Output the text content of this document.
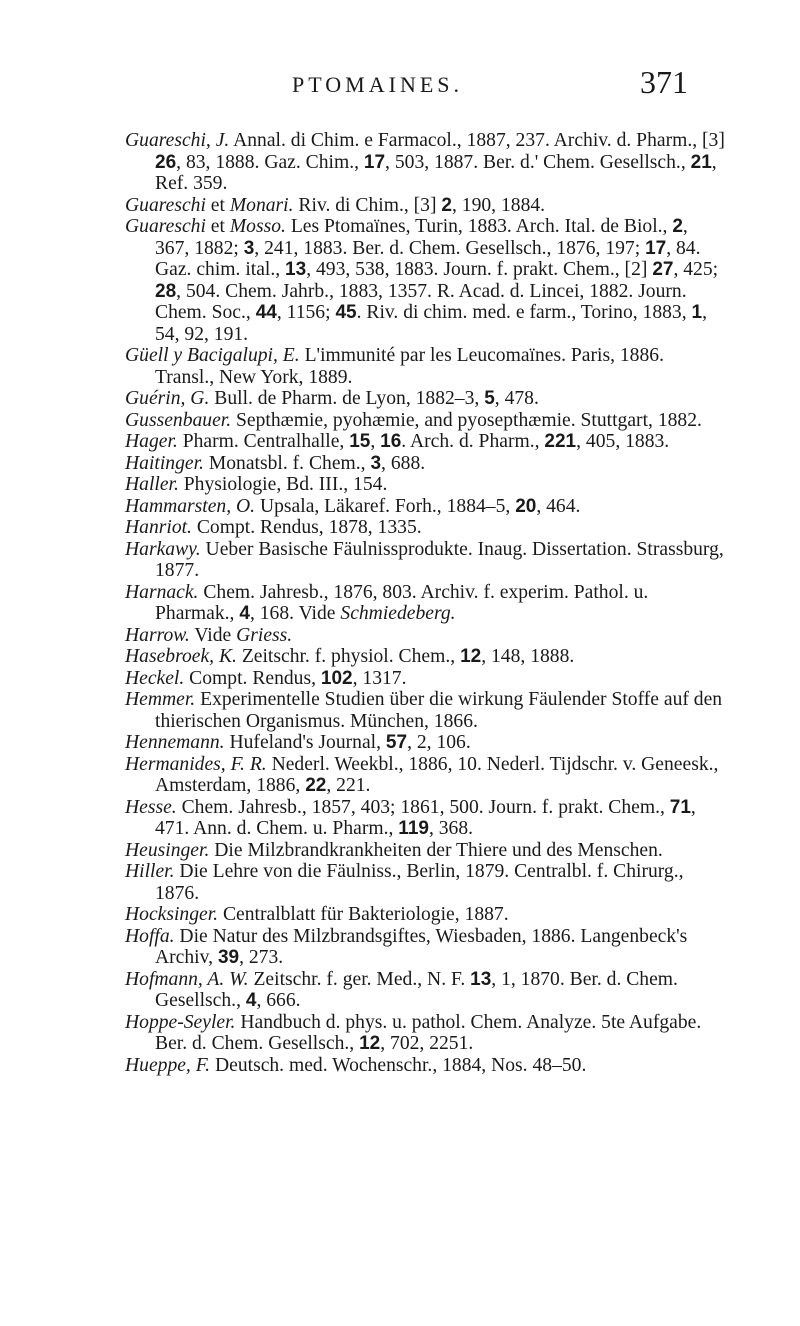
PTOMAINES.	371

Guareschi, J. Annal. di Chim. e Farmacol., 1887, 237. Archiv. d. Pharm., [3] 26, 83, 1888. Gaz. Chim., 17, 503, 1887. Ber. d.' Chem. Gesellsch., 21, Ref. 359.

Guareschi et Monari. Riv. di Chim., [3] 2, 190, 1884.

Guareschi et Mosso. Les Ptomaïnes, Turin, 1883. Arch. Ital. de Biol., 2, 367, 1882; 3, 241, 1883. Ber. d. Chem. Gesellsch., 1876, 197; 17, 84. Gaz. chim. ital., 13, 493, 538, 1883. Journ. f. prakt. Chem., [2] 27, 425; 28, 504. Chem. Jahrb., 1883, 1357. R. Acad. d. Lincei, 1882. Journ. Chem. Soc., 44, 1156; 45. Riv. di chim. med. e farm., Torino, 1883, 1, 54, 92, 191.

Güell y Bacigalupi, E. L'immunité par les Leucomaïnes. Paris, 1886. Transl., New York, 1889.

Guérin, G. Bull. de Pharm. de Lyon, 1882–3, 5, 478.

Gussenbauer. Septhæmie, pyohæmie, and pyosepthæmie. Stuttgart, 1882.

Hager. Pharm. Centralhalle, 15, 16. Arch. d. Pharm., 221, 405, 1883.

Haitinger. Monatsbl. f. Chem., 3, 688.

Haller. Physiologie, Bd. III., 154.

Hammarsten, O. Upsala, Läkaref. Forh., 1884–5, 20, 464.

Hanriot. Compt. Rendus, 1878, 1335.

Harkawy. Ueber Basische Fäulnissprodukte. Inaug. Dissertation. Strassburg, 1877.

Harnack. Chem. Jahresb., 1876, 803. Archiv. f. experim. Pathol. u. Pharmak., 4, 168. Vide Schmiedeberg.

Harrow. Vide Griess.

Hasebroek, K. Zeitschr. f. physiol. Chem., 12, 148, 1888.

Heckel. Compt. Rendus, 102, 1317.

Hemmer. Experimentelle Studien über die wirkung Fäulender Stoffe auf den thierischen Organismus. München, 1866.

Hennemann. Hufeland's Journal, 57, 2, 106.

Hermanides, F. R. Nederl. Weekbl., 1886, 10. Nederl. Tijdschr. v. Geneesk., Amsterdam, 1886, 22, 221.

Hesse. Chem. Jahresb., 1857, 403; 1861, 500. Journ. f. prakt. Chem., 71, 471. Ann. d. Chem. u. Pharm., 119, 368.

Heusinger. Die Milzbrandkrankheiten der Thiere und des Menschen.

Hiller. Die Lehre von die Fäulniss., Berlin, 1879. Centralbl. f. Chirurg., 1876.

Hocksinger. Centralblatt für Bakteriologie, 1887.

Hoffa. Die Natur des Milzbrandsgiftes, Wiesbaden, 1886. Langenbeck's Archiv, 39, 273.

Hofmann, A. W. Zeitschr. f. ger. Med., N. F. 13, 1, 1870. Ber. d. Chem. Gesellsch., 4, 666.

Hoppe-Seyler. Handbuch d. phys. u. pathol. Chem. Analyze. 5te Aufgabe. Ber. d. Chem. Gesellsch., 12, 702, 2251.

Hueppe, F. Deutsch. med. Wochenschr., 1884, Nos. 48–50.
